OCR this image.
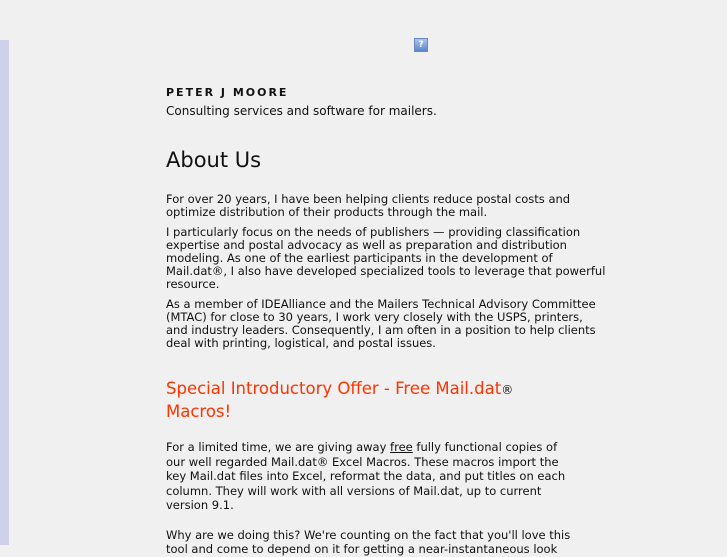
?

PETER J MOORE

Consulting services and software for mailers.

About Us

For over 20 years, I have been helping clients reduce postal costs and optimize distribution of their products through the mail.

I particularly focus on the needs of publishers — providing classification expertise and postal advocacy as well as preparation and distribution modeling. As one of the earliest participants in the development of Mail.dat®, I also have developed specialized tools to leverage that powerful resource.

As a member of IDEAlliance and the Mailers Technical Advisory Committee (MTAC) for close to 30 years, I work very closely with the USPS, printers, and industry leaders. Consequently, I am often in a position to help clients deal with printing, logistical, and postal issues.

Special Introductory Offer - Free Mail.dat®
Macros!

For a limited time, we are giving away free fully functional copies of our well regarded Mail.dat® Excel Macros. These macros import the key Mail.dat files into Excel, reformat the data, and put titles on each column. They will work with all versions of Mail.dat, up to current version 9.1.

Why are we doing this? We're counting on the fact that you'll love this tool and come to depend on it for getting a near-instantaneous look
